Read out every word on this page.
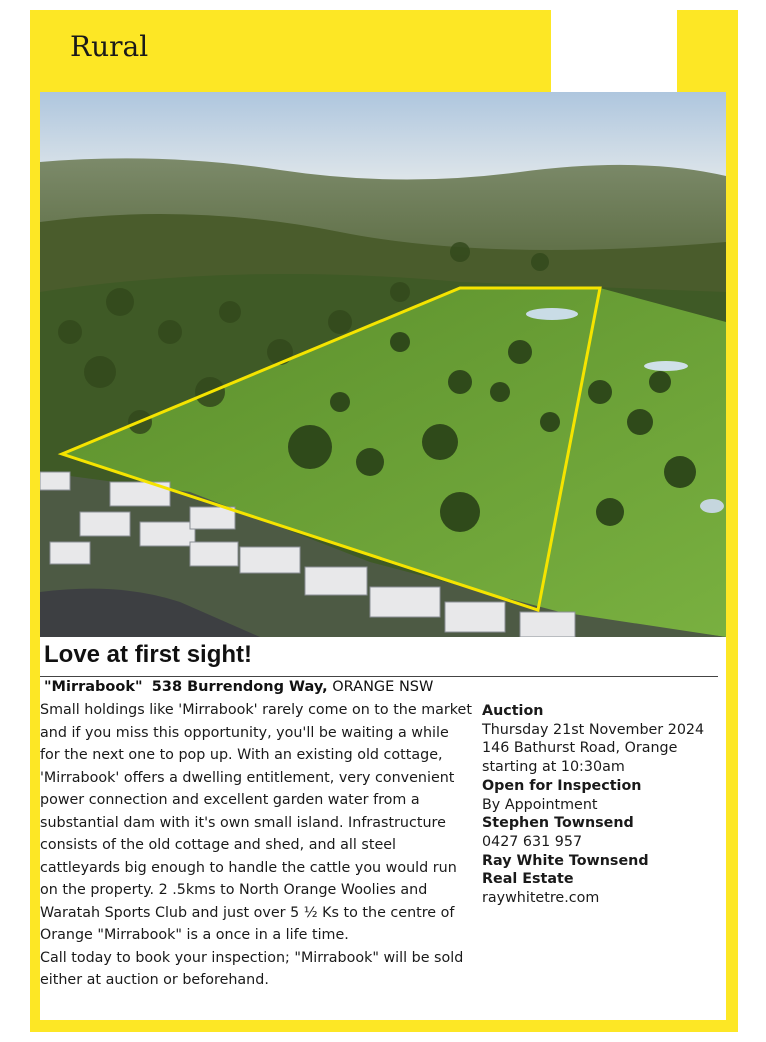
Rural
Love at first sight!
"Mirrabook" 538 Burrendong Way, ORANGE NSW

Small holdings like 'Mirrabook' rarely come on to the market and if you miss this opportunity, you'll be waiting a while for the next one to pop up. With an existing old cottage, 'Mirrabook' offers a dwelling entitlement, very convenient power connection and excellent garden water from a substantial dam with it's own small island. Infrastructure consists of the old cottage and shed, and all steel cattleyards big enough to handle the cattle you would run on the property. 2 .5kms to North Orange Woolies and Waratah Sports Club and just over 5 ½ Ks to the centre of Orange "Mirrabook" is a once in a life time.

Call today to book your inspection; "Mirrabook" will be sold either at auction or beforehand.

Auction
Thursday 21st November 2024
146 Bathurst Road, Orange
starting at 10:30am
Open for Inspection
By Appointment
Stephen Townsend
0427 631 957
Ray White Townsend
Real Estate
raywhitetre.com
